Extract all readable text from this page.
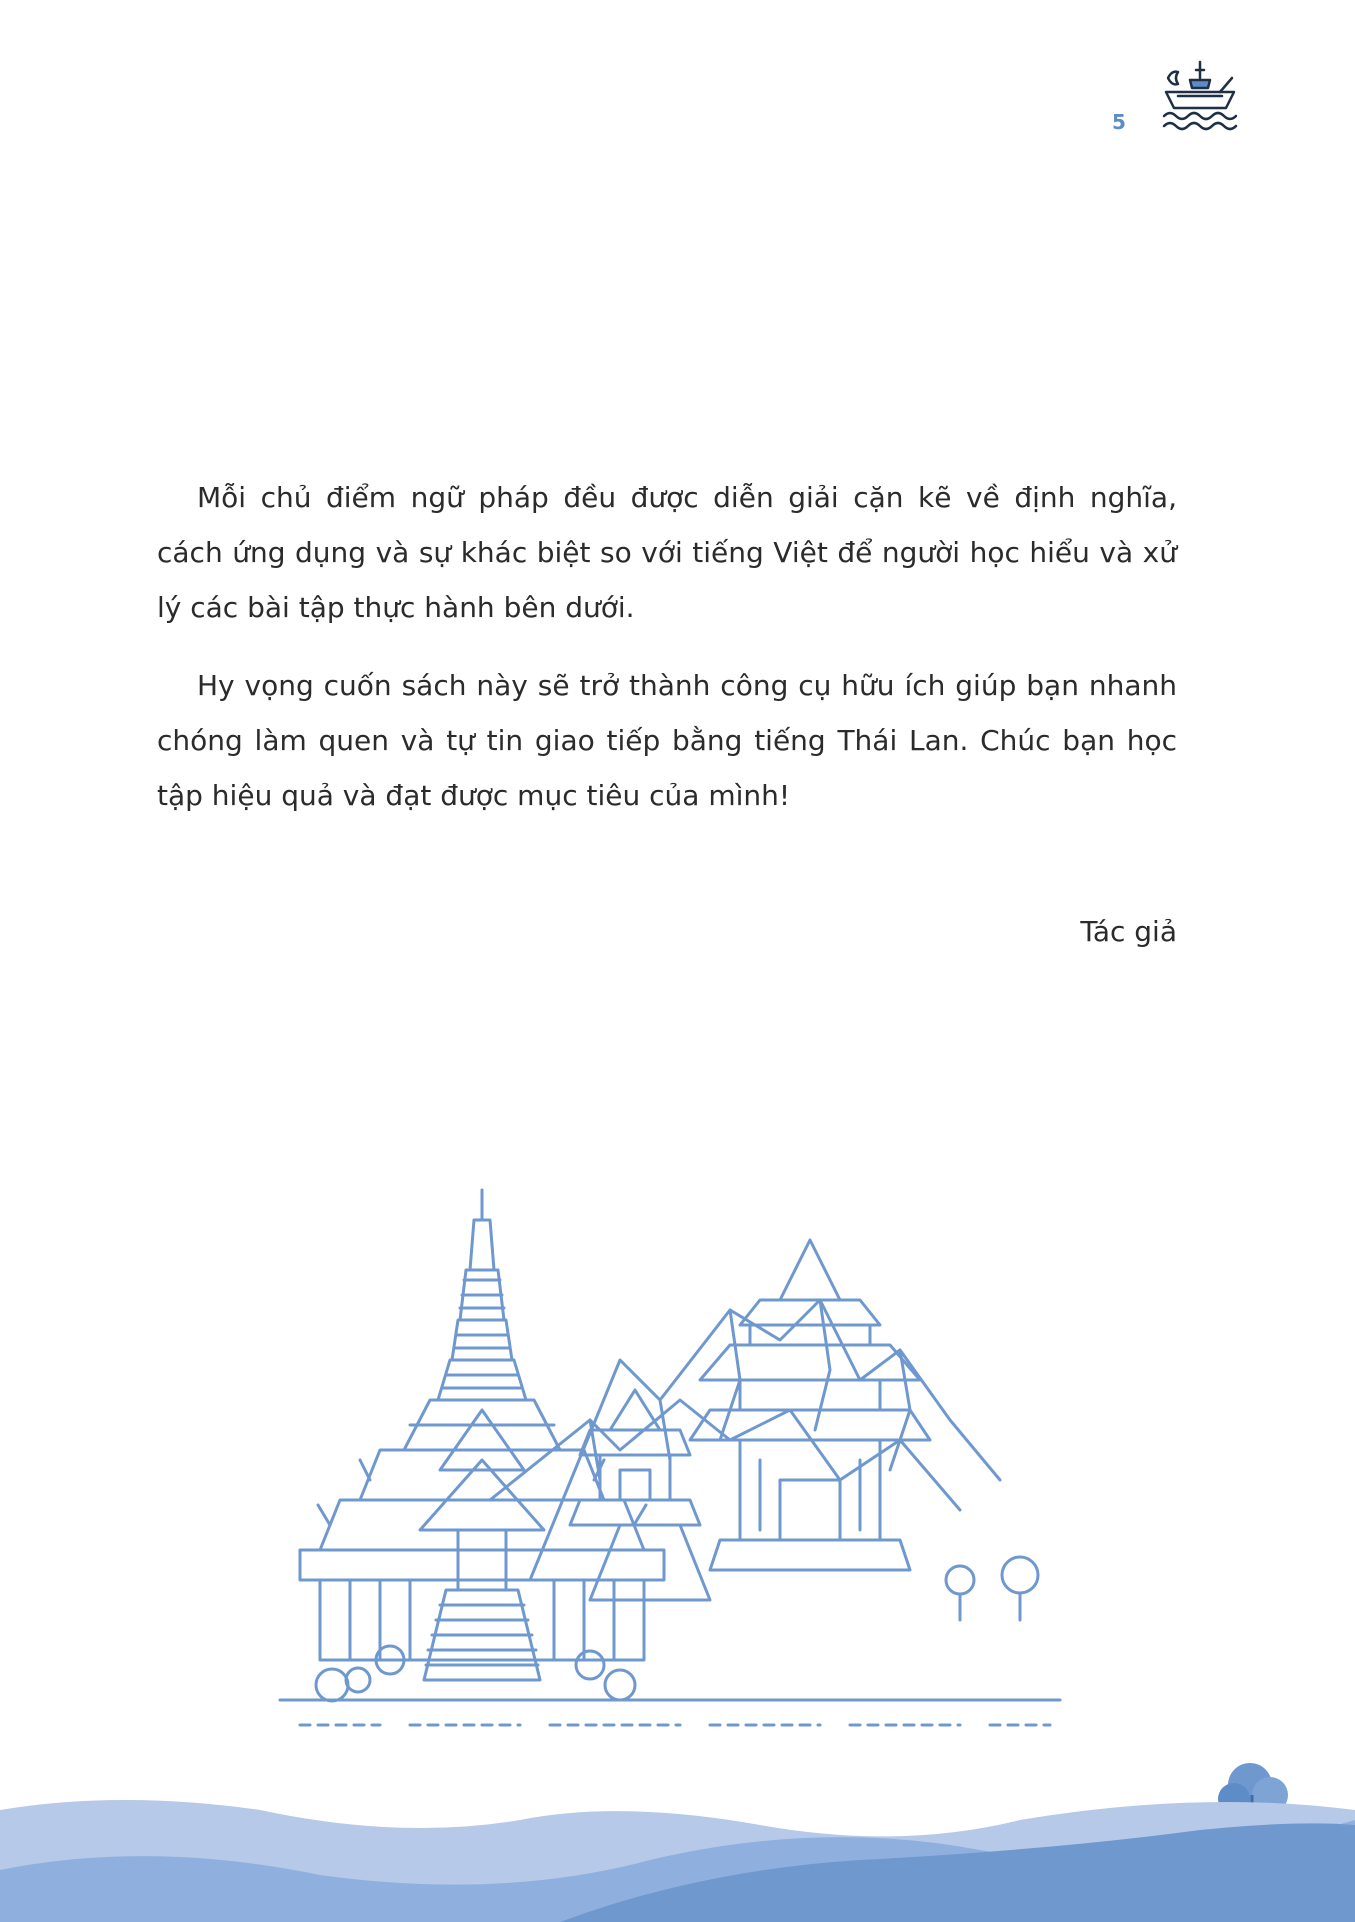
5

Mỗi chủ điểm ngữ pháp đều được diễn giải cặn kẽ về định nghĩa, cách ứng dụng và sự khác biệt so với tiếng Việt để người học hiểu và xử lý các bài tập thực hành bên dưới.

Hy vọng cuốn sách này sẽ trở thành công cụ hữu ích giúp bạn nhanh chóng làm quen và tự tin giao tiếp bằng tiếng Thái Lan. Chúc bạn học tập hiệu quả và đạt được mục tiêu của mình!

Tác giả
